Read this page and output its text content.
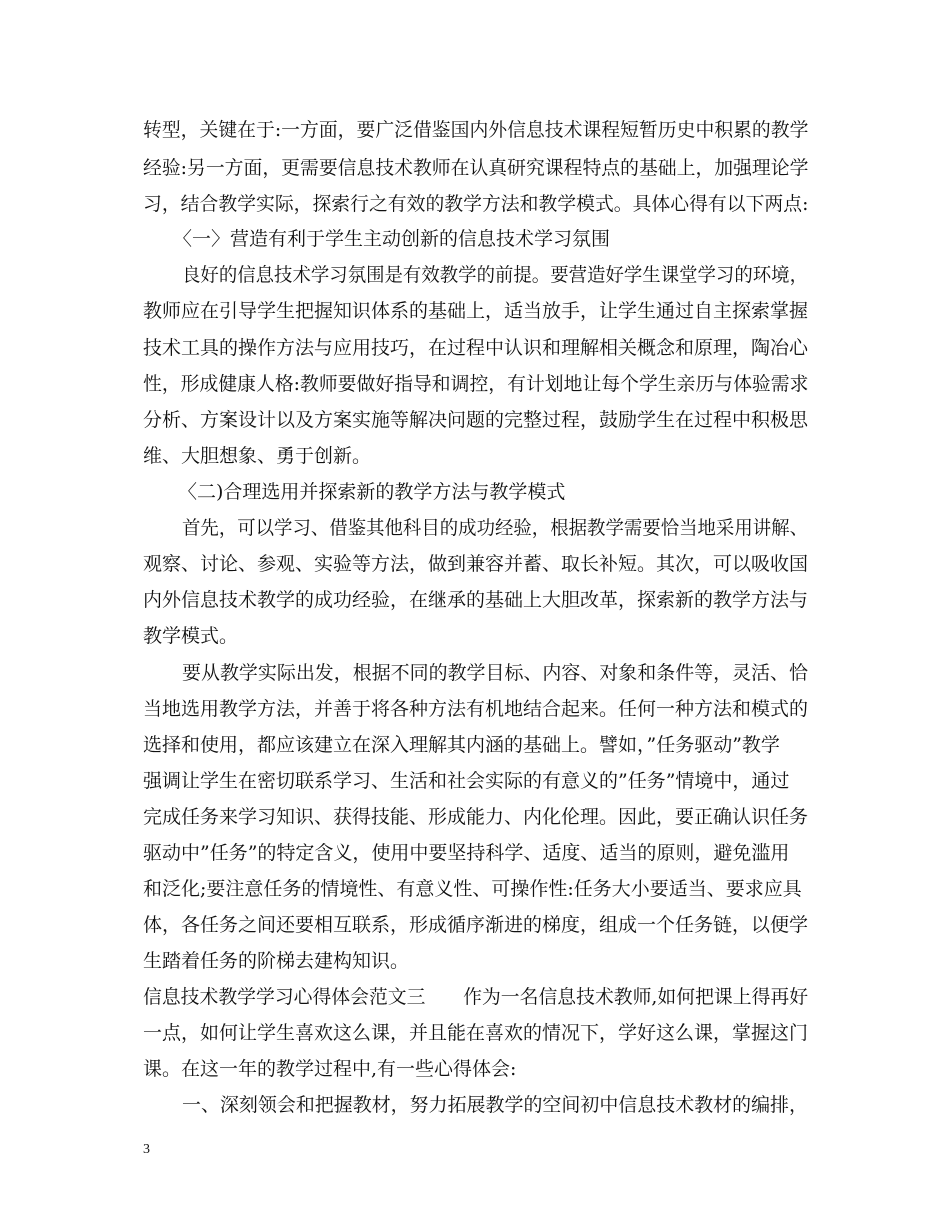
转型，关键在于:一方面，要广泛借鉴国内外信息技术课程短暂历史中积累的教学
经验:另一方面，更需要信息技术教师在认真研究课程特点的基础上，加强理论学
习，结合教学实际，探索行之有效的教学方法和教学模式。具体心得有以下两点:
〈一〉营造有利于学生主动创新的信息技术学习氛围
良好的信息技术学习氛围是有效教学的前提。要营造好学生课堂学习的环境，
教师应在引导学生把握知识体系的基础上，适当放手，让学生通过自主探索掌握
技术工具的操作方法与应用技巧，在过程中认识和理解相关概念和原理，陶冶心
性，形成健康人格:教师要做好指导和调控，有计划地让每个学生亲历与体验需求
分析、方案设计以及方案实施等解决问题的完整过程，鼓励学生在过程中积极思
维、大胆想象、勇于创新。
〈二)合理选用并探索新的教学方法与教学模式
首先，可以学习、借鉴其他科目的成功经验，根据教学需要恰当地采用讲解、
观察、讨论、参观、实验等方法，做到兼容并蓄、取长补短。其次，可以吸收国
内外信息技术教学的成功经验，在继承的基础上大胆改革，探索新的教学方法与
教学模式。
要从教学实际出发，根据不同的教学目标、内容、对象和条件等，灵活、恰
当地选用教学方法，并善于将各种方法有机地结合起来。任何一种方法和模式的
选择和使用，都应该建立在深入理解其内涵的基础上。譬如，”任务驱动”教学
强调让学生在密切联系学习、生活和社会实际的有意义的”任务”情境中，通过
完成任务来学习知识、获得技能、形成能力、内化伦理。因此，要正确认识任务
驱动中”任务”的特定含义，使用中要坚持科学、适度、适当的原则，避免滥用
和泛化;要注意任务的情境性、有意义性、可操作性:任务大小要适当、要求应具
体，各任务之间还要相互联系，形成循序渐进的梯度，组成一个任务链，以便学
生踏着任务的阶梯去建构知识。
信息技术教学学习心得体会范文三　　作为一名信息技术教师,如何把课上得再好
一点，如何让学生喜欢这么课，并且能在喜欢的情况下，学好这么课，掌握这门
课。在这一年的教学过程中,有一些心得体会:
一、深刻领会和把握教材，努力拓展教学的空间初中信息技术教材的编排，
3
